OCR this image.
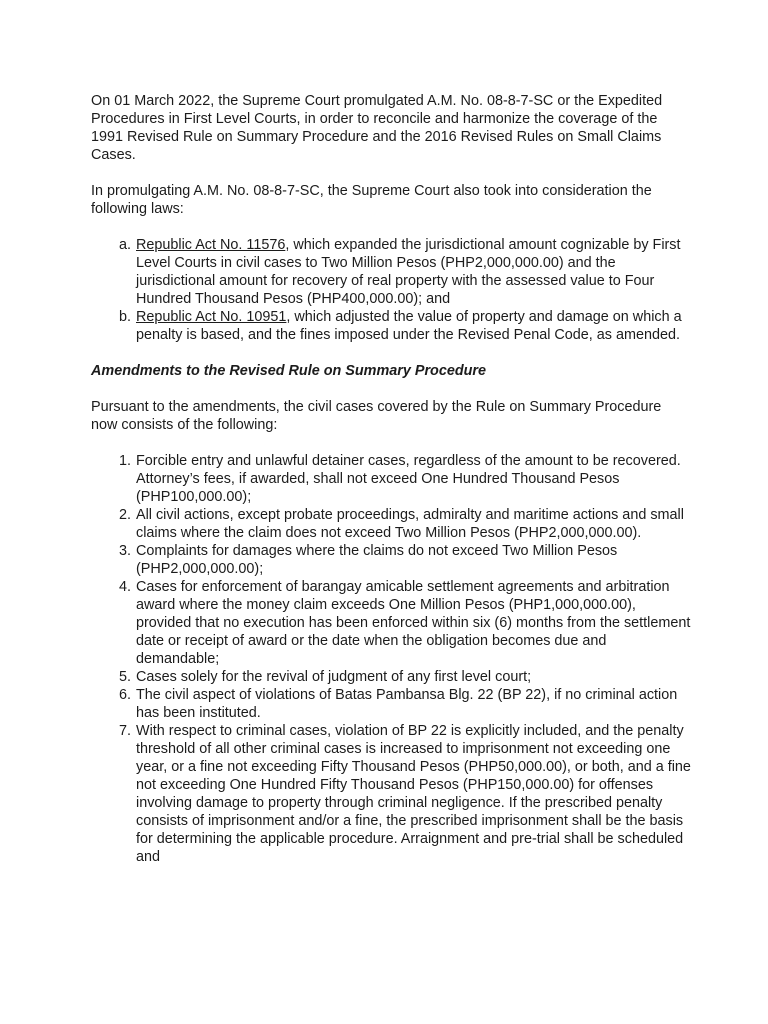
On 01 March 2022, the Supreme Court promulgated A.M. No. 08-8-7-SC or the Expedited Procedures in First Level Courts, in order to reconcile and harmonize the coverage of the 1991 Revised Rule on Summary Procedure and the 2016 Revised Rules on Small Claims Cases.

In promulgating A.M. No. 08-8-7-SC, the Supreme Court also took into consideration the following laws:

a. Republic Act No. 11576, which expanded the jurisdictional amount cognizable by First Level Courts in civil cases to Two Million Pesos (PHP2,000,000.00) and the jurisdictional amount for recovery of real property with the assessed value to Four Hundred Thousand Pesos (PHP400,000.00); and
b. Republic Act No. 10951, which adjusted the value of property and damage on which a penalty is based, and the fines imposed under the Revised Penal Code, as amended.
Amendments to the Revised Rule on Summary Procedure

Pursuant to the amendments, the civil cases covered by the Rule on Summary Procedure now consists of the following:

1. Forcible entry and unlawful detainer cases, regardless of the amount to be recovered. Attorney’s fees, if awarded, shall not exceed One Hundred Thousand Pesos (PHP100,000.00);
2. All civil actions, except probate proceedings, admiralty and maritime actions and small claims where the claim does not exceed Two Million Pesos (PHP2,000,000.00).
3. Complaints for damages where the claims do not exceed Two Million Pesos (PHP2,000,000.00);
4. Cases for enforcement of barangay amicable settlement agreements and arbitration award where the money claim exceeds One Million Pesos (PHP1,000,000.00), provided that no execution has been enforced within six (6) months from the settlement date or receipt of award or the date when the obligation becomes due and demandable;
5. Cases solely for the revival of judgment of any first level court;
6. The civil aspect of violations of Batas Pambansa Blg. 22 (BP 22), if no criminal action has been instituted.
7. With respect to criminal cases, violation of BP 22 is explicitly included, and the penalty threshold of all other criminal cases is increased to imprisonment not exceeding one year, or a fine not exceeding Fifty Thousand Pesos (PHP50,000.00), or both, and a fine not exceeding One Hundred Fifty Thousand Pesos (PHP150,000.00) for offenses involving damage to property through criminal negligence. If the prescribed penalty consists of imprisonment and/or a fine, the prescribed imprisonment shall be the basis for determining the applicable procedure. Arraignment and pre-trial shall be scheduled and
